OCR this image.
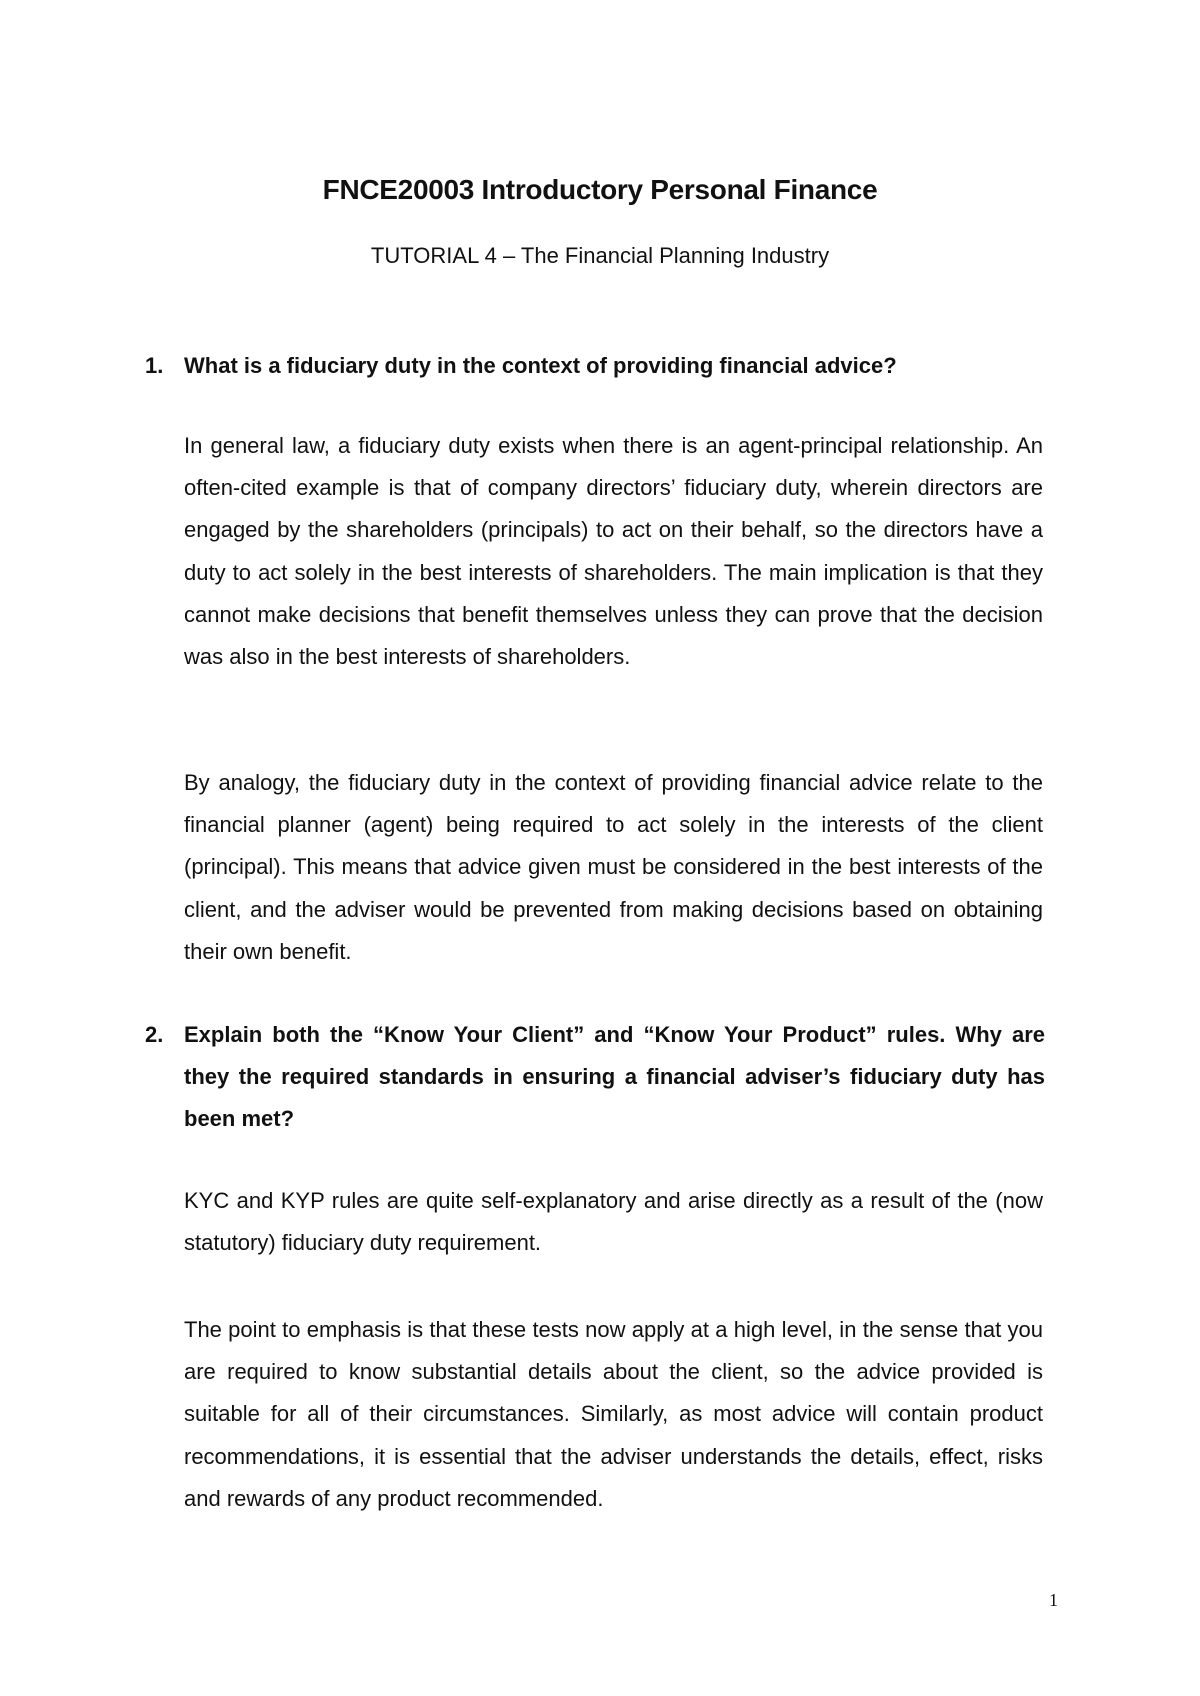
FNCE20003 Introductory Personal Finance
TUTORIAL 4 – The Financial Planning Industry
1. What is a fiduciary duty in the context of providing financial advice?

In general law, a fiduciary duty exists when there is an agent-principal relationship. An often-cited example is that of company directors’ fiduciary duty, wherein directors are engaged by the shareholders (principals) to act on their behalf, so the directors have a duty to act solely in the best interests of shareholders. The main implication is that they cannot make decisions that benefit themselves unless they can prove that the decision was also in the best interests of shareholders.

By analogy, the fiduciary duty in the context of providing financial advice relate to the financial planner (agent) being required to act solely in the interests of the client (principal). This means that advice given must be considered in the best interests of the client, and the adviser would be prevented from making decisions based on obtaining their own benefit.

2. Explain both the “Know Your Client” and “Know Your Product” rules. Why are they the required standards in ensuring a financial adviser’s fiduciary duty has been met?

KYC and KYP rules are quite self-explanatory and arise directly as a result of the (now statutory) fiduciary duty requirement.

The point to emphasis is that these tests now apply at a high level, in the sense that you are required to know substantial details about the client, so the advice provided is suitable for all of their circumstances. Similarly, as most advice will contain product recommendations, it is essential that the adviser understands the details, effect, risks and rewards of any product recommended.

1
